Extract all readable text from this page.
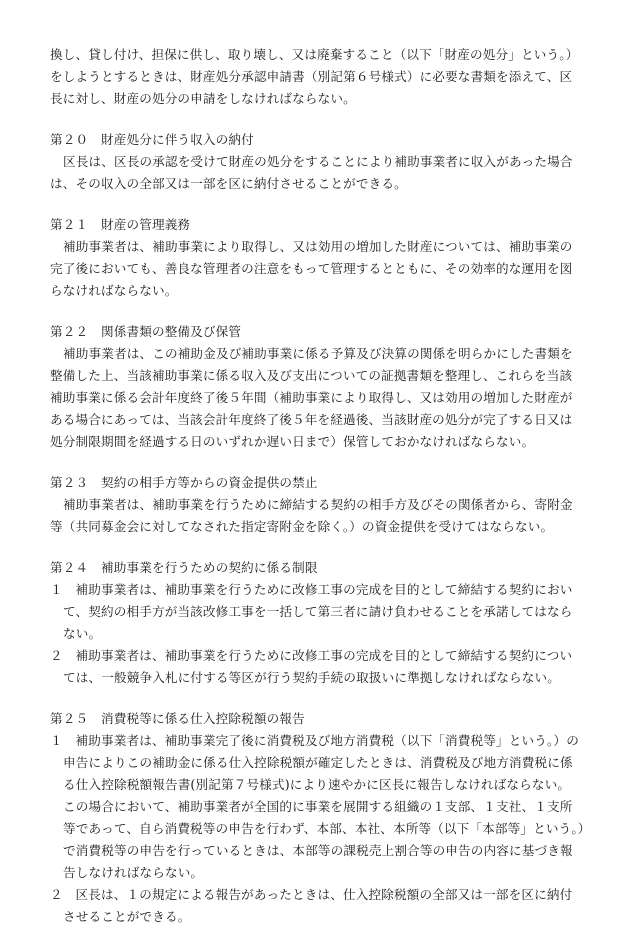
換し、貸し付け、担保に供し、取り壊し、又は廃棄すること（以下「財産の処分」という。）
をしようとするときは、財産処分承認申請書（別記第６号様式）に必要な書類を添えて、区
長に対し、財産の処分の申請をしなければならない。
第２０　財産処分に伴う収入の納付
区長は、区長の承認を受けて財産の処分をすることにより補助事業者に収入があった場合
は、その収入の全部又は一部を区に納付させることができる。
第２１　財産の管理義務
補助事業者は、補助事業により取得し、又は効用の増加した財産については、補助事業の
完了後においても、善良な管理者の注意をもって管理するとともに、その効率的な運用を図
らなければならない。
第２２　関係書類の整備及び保管
補助事業者は、この補助金及び補助事業に係る予算及び決算の関係を明らかにした書類を
整備した上、当該補助事業に係る収入及び支出についての証拠書類を整理し、これらを当該
補助事業に係る会計年度終了後５年間（補助事業により取得し、又は効用の増加した財産が
ある場合にあっては、当該会計年度終了後５年を経過後、当該財産の処分が完了する日又は
処分制限期間を経過する日のいずれか遅い日まで）保管しておかなければならない。
第２３　契約の相手方等からの資金提供の禁止
補助事業者は、補助事業を行うために締結する契約の相手方及びその関係者から、寄附金
等（共同募金会に対してなされた指定寄附金を除く。）の資金提供を受けてはならない。
第２４　補助事業を行うための契約に係る制限
１　補助事業者は、補助事業を行うために改修工事の完成を目的として締結する契約におい
て、契約の相手方が当該改修工事を一括して第三者に請け負わせることを承諾してはなら
ない。
２　補助事業者は、補助事業を行うために改修工事の完成を目的として締結する契約につい
ては、一般競争入札に付する等区が行う契約手続の取扱いに準拠しなければならない。
第２５　消費税等に係る仕入控除税額の報告
１　補助事業者は、補助事業完了後に消費税及び地方消費税（以下「消費税等」という。）の
申告によりこの補助金に係る仕入控除税額が確定したときは、消費税及び地方消費税に係
る仕入控除税額報告書(別記第７号様式)により速やかに区長に報告しなければならない。
この場合において、補助事業者が全国的に事業を展開する組織の１支部、１支社、１支所
等であって、自ら消費税等の申告を行わず、本部、本社、本所等（以下「本部等」という。）
で消費税等の申告を行っているときは、本部等の課税売上割合等の申告の内容に基づき報
告しなければならない。
２　区長は、１の規定による報告があったときは、仕入控除税額の全部又は一部を区に納付
させることができる。
